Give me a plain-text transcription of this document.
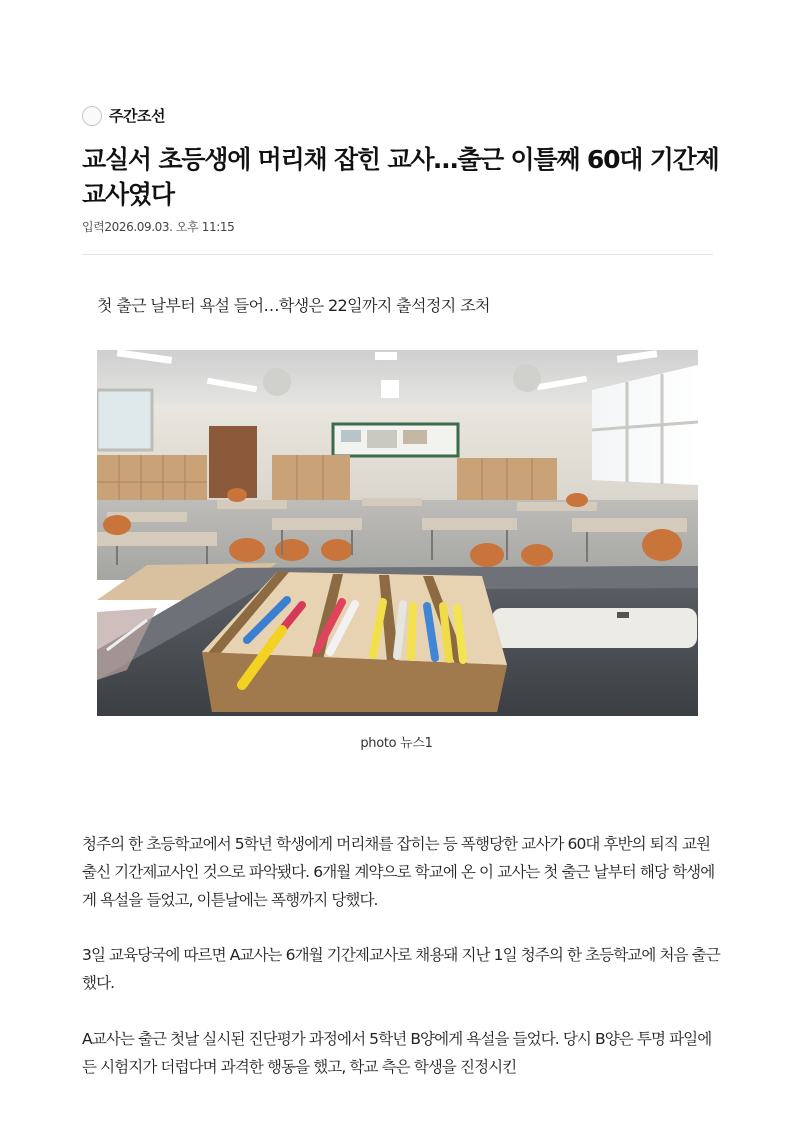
주간조선
교실서 초등생에 머리채 잡힌 교사…출근 이틀째 60대 기간제교사였다
입력2026.09.03. 오후 11:15

첫 출근 날부터 욕설 들어…학생은 22일까지 출석정지 조처

photo 뉴스1

청주의 한 초등학교에서 5학년 학생에게 머리채를 잡히는 등 폭행당한 교사가 60대 후반의 퇴직 교원 출신 기간제교사인 것으로 파악됐다. 6개월 계약으로 학교에 온 이 교사는 첫 출근 날부터 해당 학생에게 욕설을 들었고, 이튿날에는 폭행까지 당했다.

3일 교육당국에 따르면 A교사는 6개월 기간제교사로 채용돼 지난 1일 청주의 한 초등학교에 처음 출근했다.

A교사는 출근 첫날 실시된 진단평가 과정에서 5학년 B양에게 욕설을 들었다. 당시 B양은 투명 파일에 든 시험지가 더럽다며 과격한 행동을 했고, 학교 측은 학생을 진정시킨
